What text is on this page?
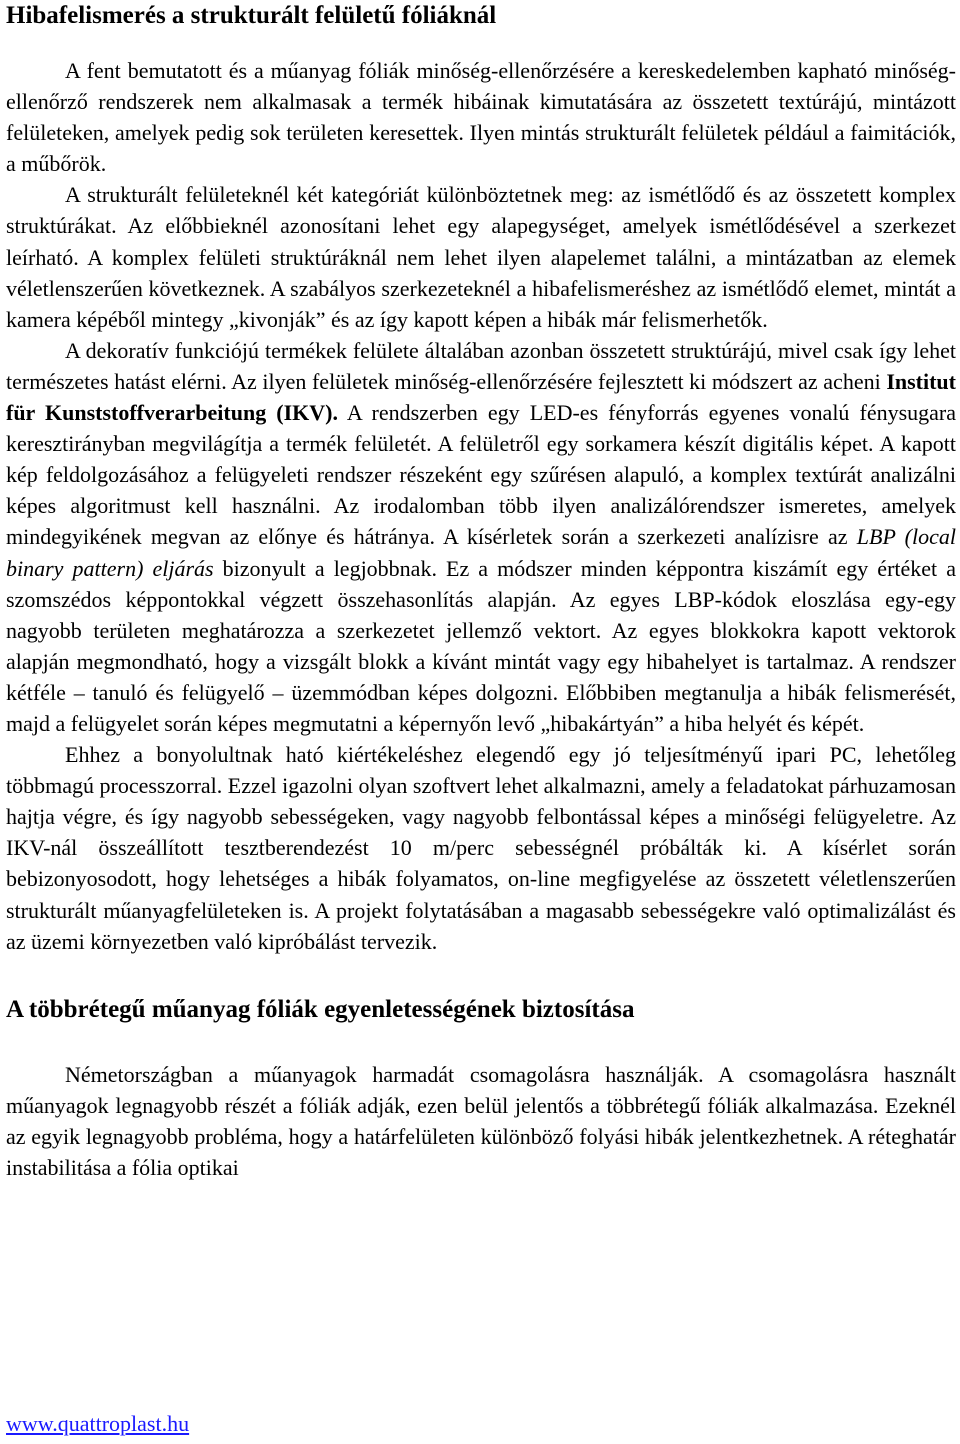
Hibafelismerés a strukturált felületű fóliáknál

A fent bemutatott és a műanyag fóliák minőség-ellenőrzésére a kereskedelemben kapható minőség-ellenőrző rendszerek nem alkalmasak a termék hibáinak kimutatására az összetett textúrájú, mintázott felületeken, amelyek pedig sok területen keresettek. Ilyen mintás strukturált felületek például a faimitációk, a műbőrök.

A strukturált felületeknél két kategóriát különböztetnek meg: az ismétlődő és az összetett komplex struktúrákat. Az előbbieknél azonosítani lehet egy alapegységet, amelyek ismétlődésével a szerkezet leírható. A komplex felületi struktúráknál nem lehet ilyen alapelemet találni, a mintázatban az elemek véletlenszerűen következnek. A szabályos szerkezeteknél a hibafelismeréshez az ismétlődő elemet, mintát a kamera képéből mintegy „kivonják” és az így kapott képen a hibák már felismerhetők.

A dekoratív funkciójú termékek felülete általában azonban összetett struktúrájú, mivel csak így lehet természetes hatást elérni. Az ilyen felületek minőség-ellenőrzésére fejlesztett ki módszert az acheni Institut für Kunststoffverarbeitung (IKV). A rendszerben egy LED-es fényforrás egyenes vonalú fénysugara keresztirányban megvilágítja a termék felületét. A felületről egy sorkamera készít digitális képet. A kapott kép feldolgozásához a felügyeleti rendszer részeként egy szűrésen alapuló, a komplex textúrát analizálni képes algoritmust kell használni. Az irodalomban több ilyen analizálórendszer ismeretes, amelyek mindegyikének megvan az előnye és hátránya. A kísérletek során a szerkezeti analízisre az LBP (local binary pattern) eljárás bizonyult a legjobbnak. Ez a módszer minden képpontra kiszámít egy értéket a szomszédos képpontokkal végzett összehasonlítás alapján. Az egyes LBP-kódok eloszlása egy-egy nagyobb területen meghatározza a szerkezetet jellemző vektort. Az egyes blokkokra kapott vektorok alapján megmondható, hogy a vizsgált blokk a kívánt mintát vagy egy hibahelyet is tartalmaz. A rendszer kétféle – tanuló és felügyelő – üzemmódban képes dolgozni. Előbbiben megtanulja a hibák felismerését, majd a felügyelet során képes megmutatni a képernyőn levő „hibakártyán” a hiba helyét és képét.

Ehhez a bonyolultnak ható kiértékeléshez elegendő egy jó teljesítményű ipari PC, lehetőleg többmagú processzorral. Ezzel igazolni olyan szoftvert lehet alkalmazni, amely a feladatokat párhuzamosan hajtja végre, és így nagyobb sebességeken, vagy nagyobb felbontással képes a minőségi felügyeletre. Az IKV-nál összeállított tesztberendezést 10 m/perc sebességnél próbálták ki. A kísérlet során bebizonyosodott, hogy lehetséges a hibák folyamatos, on-line megfigyelése az összetett véletlenszerűen strukturált műanyagfelületeken is. A projekt folytatásában a magasabb sebességekre való optimalizálást és az üzemi környezetben való kipróbálást tervezik.

A többrétegű műanyag fóliák egyenletességének biztosítása

Németországban a műanyagok harmadát csomagolásra használják. A csomagolásra használt műanyagok legnagyobb részét a fóliák adják, ezen belül jelentős a többrétegű fóliák alkalmazása. Ezeknél az egyik legnagyobb probléma, hogy a határfelületen különböző folyási hibák jelentkezhetnek. A réteghatár instabilitása a fólia optikai

www.quattroplast.hu
